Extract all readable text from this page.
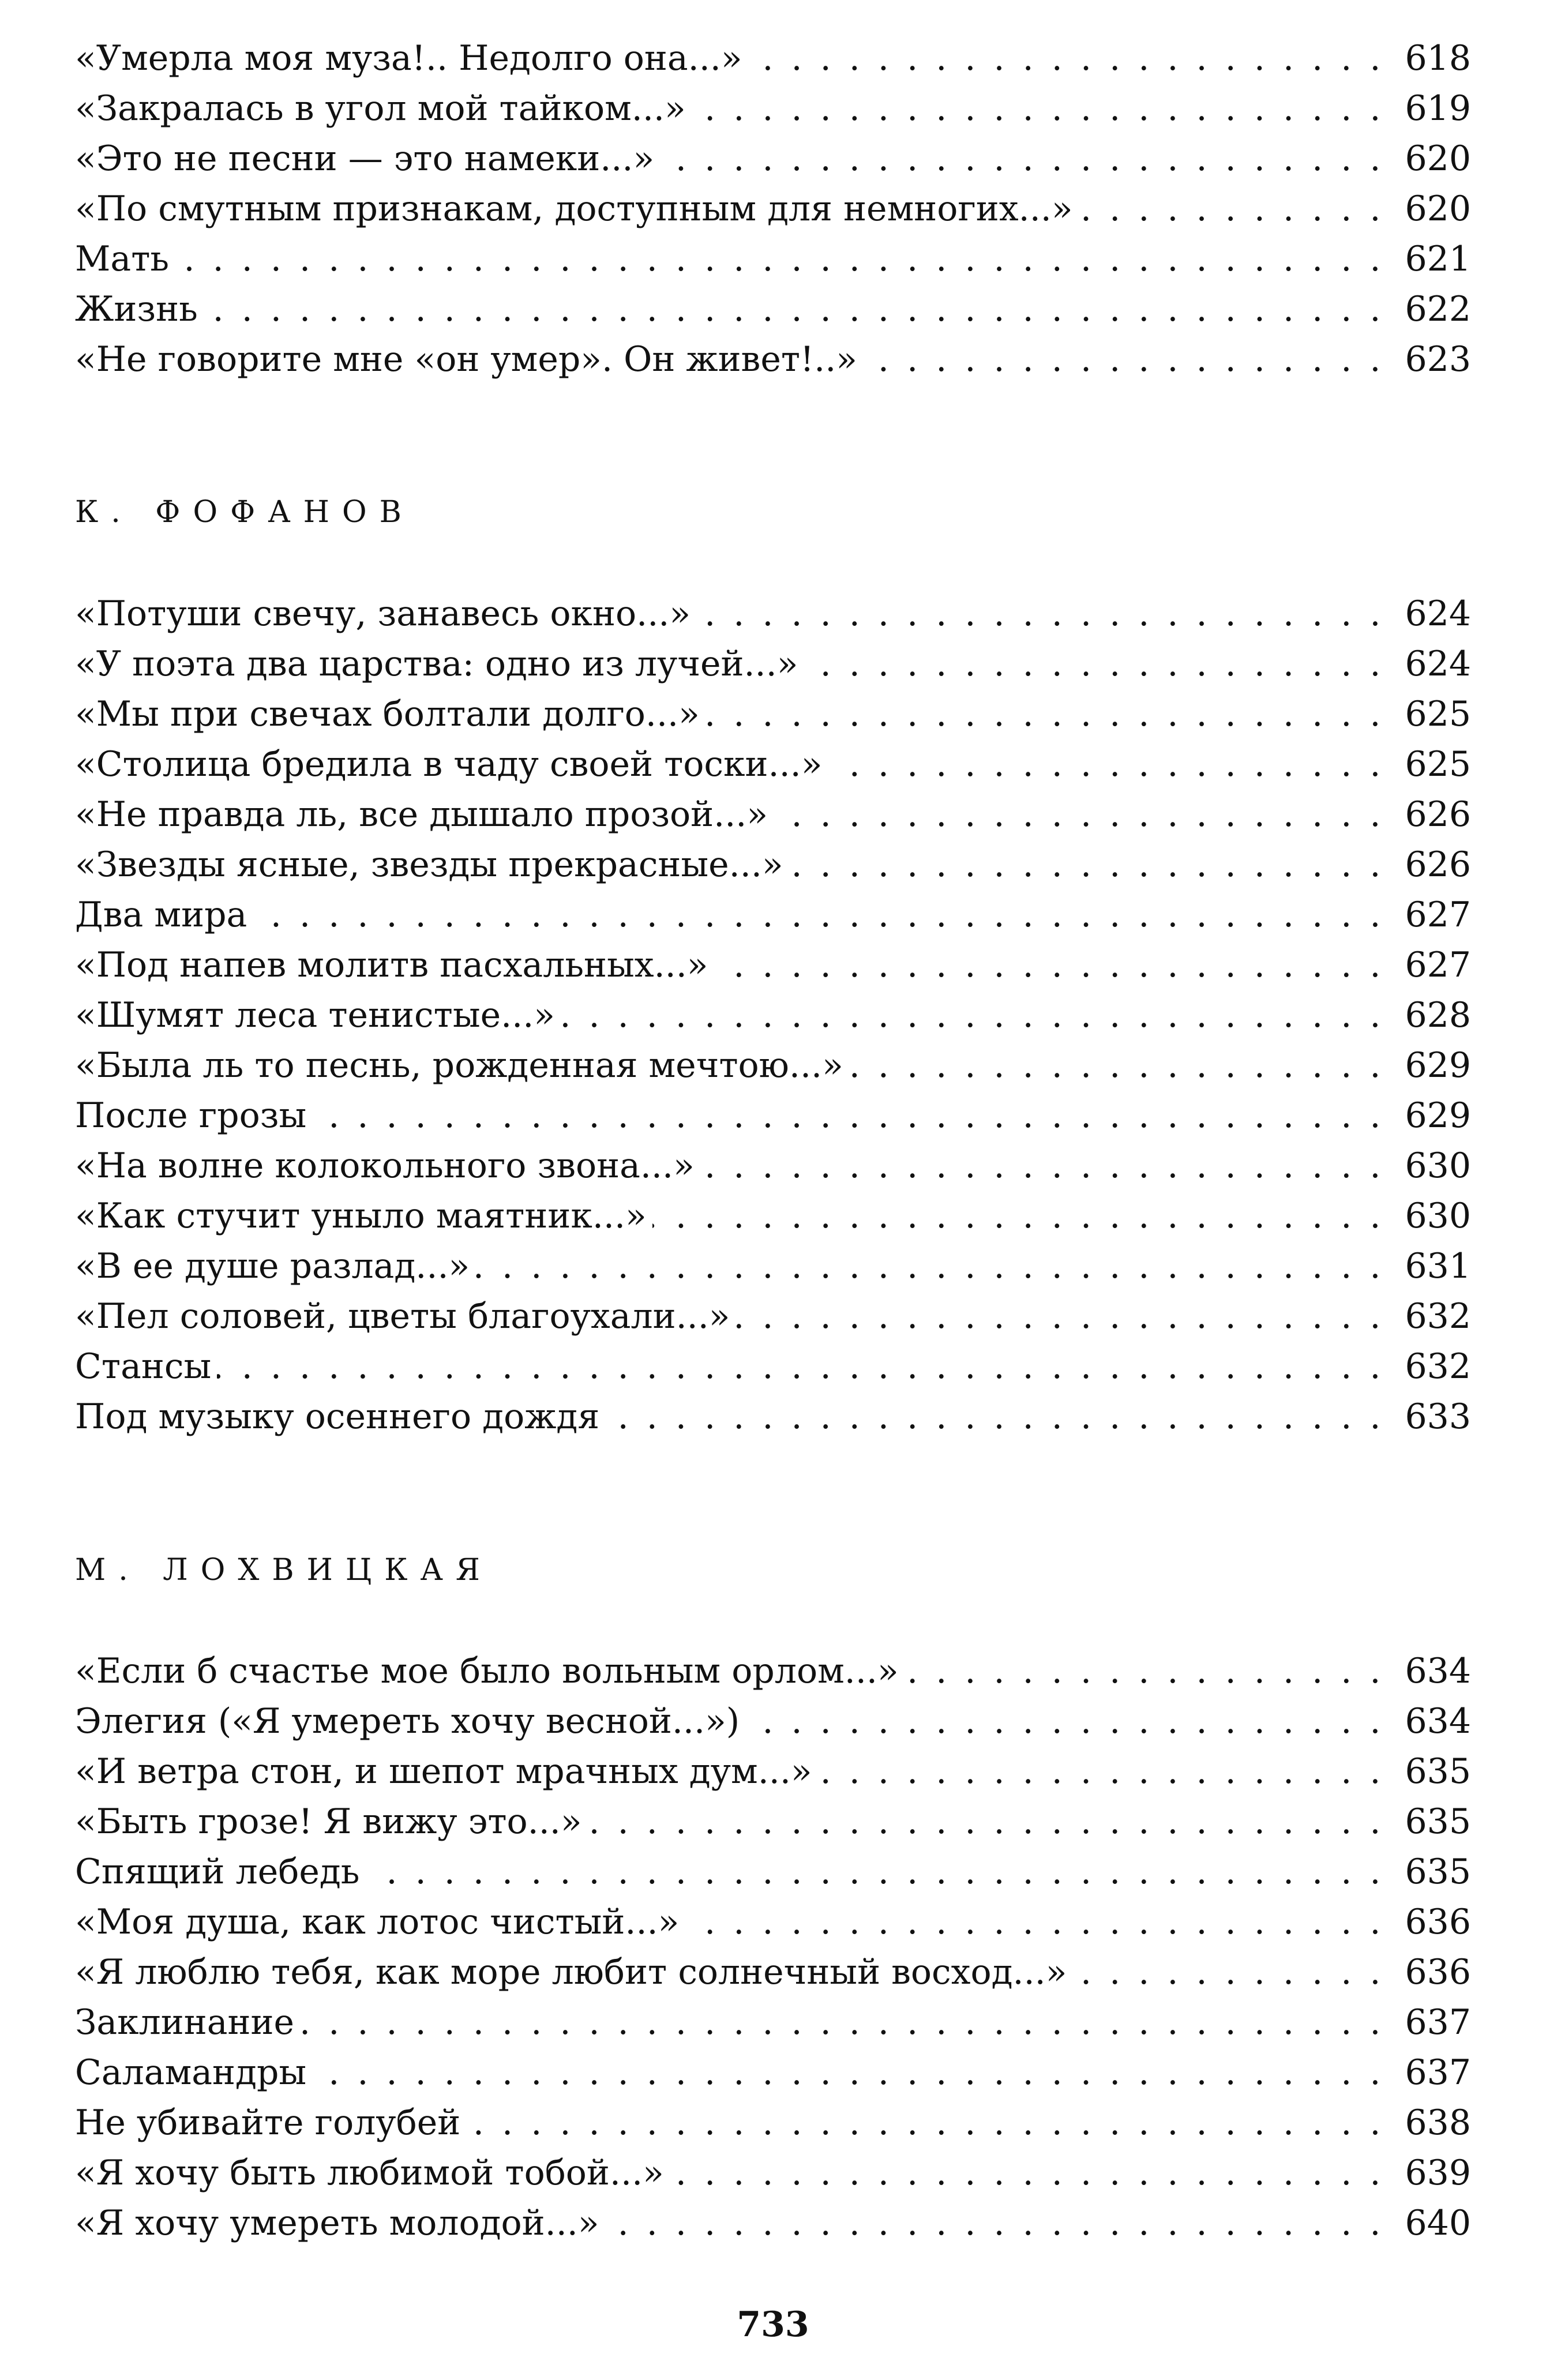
«Умерла моя муза!.. Недолго она...» . . .	618
«Закралась в угол мой тайком...» . . .	619
«Это не песни — это намеки...» . . .	620
«По смутным признакам, доступным для немногих...» . . .	620
Мать . . .	621
Жизнь . . .	622
«Не говорите мне «он умер». Он живет!..» . . .	623
К. ФОФАНОВ
«Потуши свечу, занавесь окно...» . . .	624
«У поэта два царства: одно из лучей...» . . .	624
«Мы при свечах болтали долго...» . . .	625
«Столица бредила в чаду своей тоски...» . . .	625
«Не правда ль, все дышало прозой...» . . .	626
«Звезды ясные, звезды прекрасные...» . . .	626
Два мира . . .	627
«Под напев молитв пасхальных...» . . .	627
«Шумят леса тенистые...» . . .	628
«Была ль то песнь, рожденная мечтою...» . . .	629
После грозы . . .	629
«На волне колокольного звона...» . . .	630
«Как стучит уныло маятник...» . . .	630
«В ее душе разлад...» . . .	631
«Пел соловей, цветы благоухали...» . . .	632
Стансы . . .	632
Под музыку осеннего дождя . . .	633
М. ЛОХВИЦКАЯ
«Если б счастье мое было вольным орлом...» . . .	634
Элегия («Я умереть хочу весной...») . . .	634
«И ветра стон, и шепот мрачных дум...» . . .	635
«Быть грозе! Я вижу это...» . . .	635
Спящий лебедь . . .	635
«Моя душа, как лотос чистый...» . . .	636
«Я люблю тебя, как море любит солнечный восход...» . . .	636
Заклинание . . .	637
Саламандры . . .	637
Не убивайте голубей . . .	638
«Я хочу быть любимой тобой...» . . .	639
«Я хочу умереть молодой...» . . .	640
733
